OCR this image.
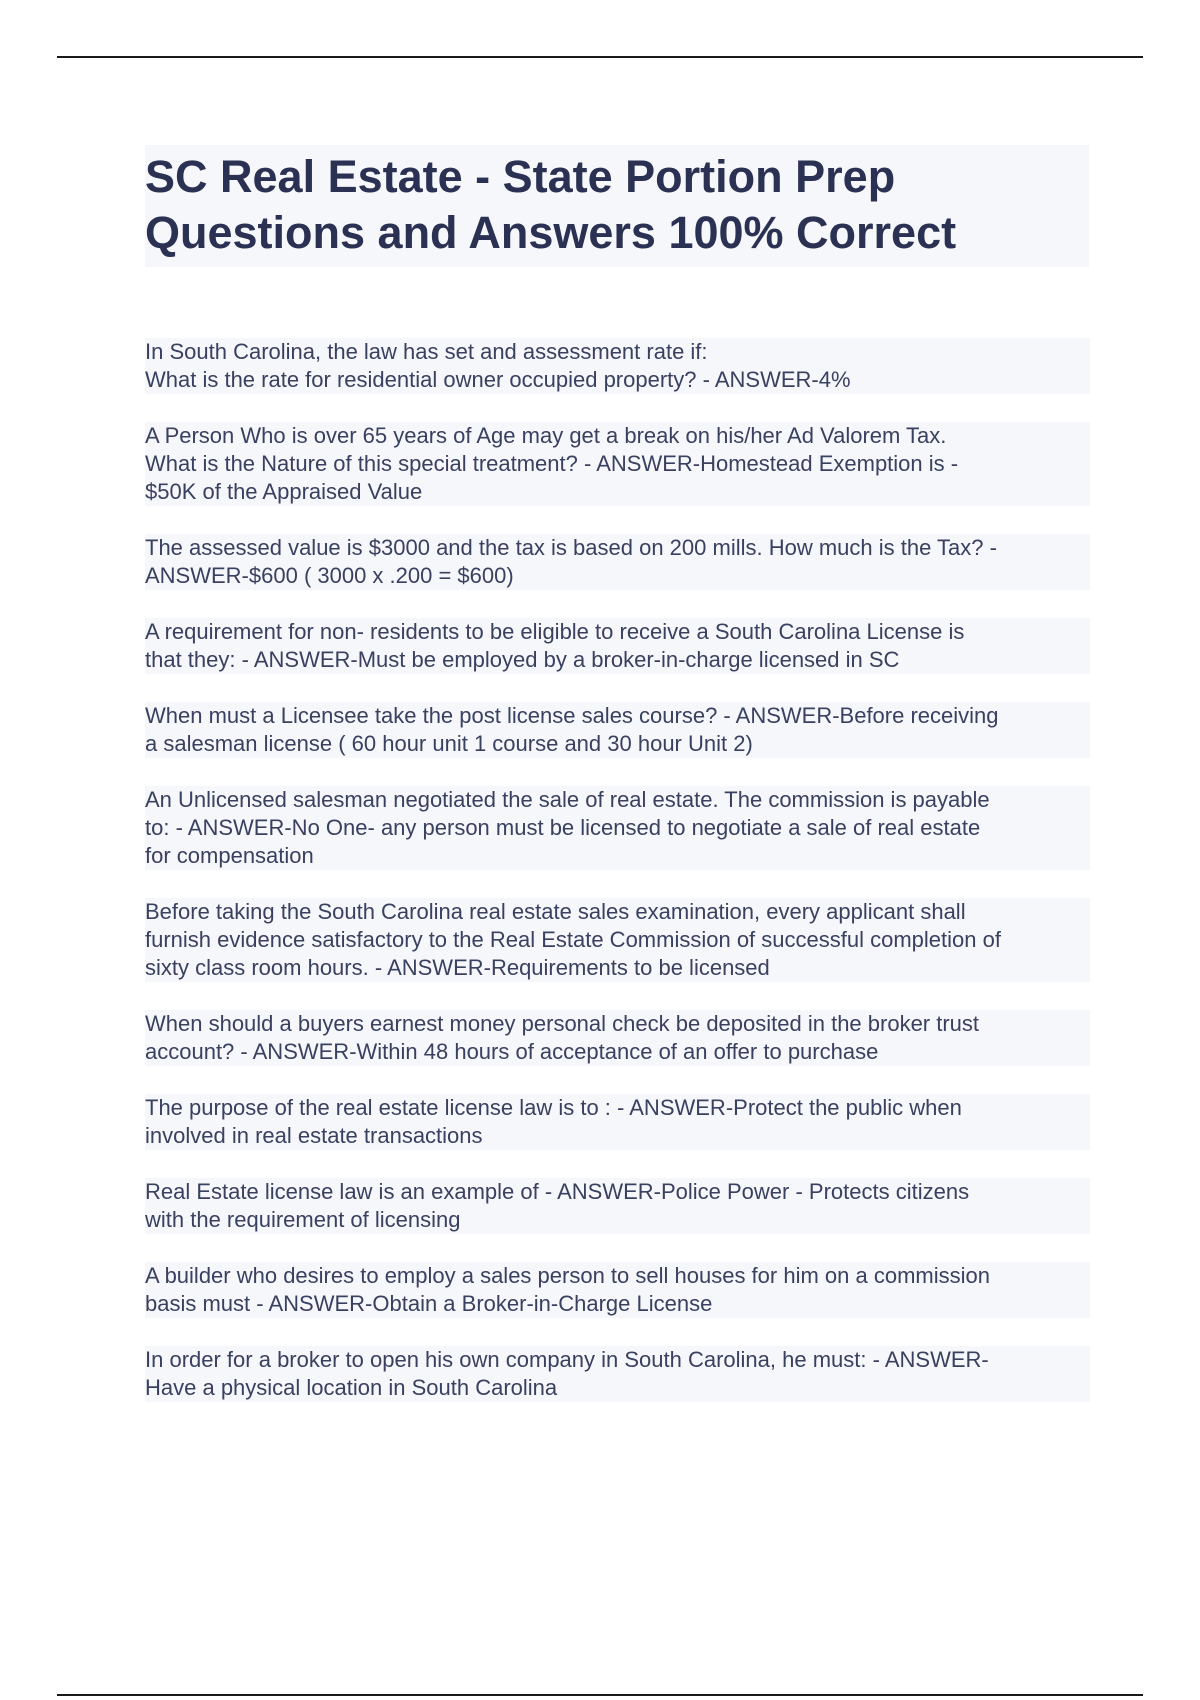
SC Real Estate - State Portion Prep
Questions and Answers 100% Correct
In South Carolina, the law has set and assessment rate if:
What is the rate for residential owner occupied property? - ANSWER-4%
A Person Who is over 65 years of Age may get a break on his/her Ad Valorem Tax.
What is the Nature of this special treatment? - ANSWER-Homestead Exemption is -
$50K of the Appraised Value
The assessed value is $3000 and the tax is based on 200 mills. How much is the Tax? -
ANSWER-$600 ( 3000 x .200 = $600)
A requirement for non- residents to be eligible to receive a South Carolina License is
that they: - ANSWER-Must be employed by a broker-in-charge licensed in SC
When must a Licensee take the post license sales course? - ANSWER-Before receiving
a salesman license ( 60 hour unit 1 course and 30 hour Unit 2)
An Unlicensed salesman negotiated the sale of real estate. The commission is payable
to: - ANSWER-No One- any person must be licensed to negotiate a sale of real estate
for compensation
Before taking the South Carolina real estate sales examination, every applicant shall
furnish evidence satisfactory to the Real Estate Commission of successful completion of
sixty class room hours. - ANSWER-Requirements to be licensed
When should a buyers earnest money personal check be deposited in the broker trust
account? - ANSWER-Within 48 hours of acceptance of an offer to purchase
The purpose of the real estate license law is to : - ANSWER-Protect the public when
involved in real estate transactions
Real Estate license law is an example of - ANSWER-Police Power - Protects citizens
with the requirement of licensing
A builder who desires to employ a sales person to sell houses for him on a commission
basis must - ANSWER-Obtain a Broker-in-Charge License
In order for a broker to open his own company in South Carolina, he must: - ANSWER-
Have a physical location in South Carolina
